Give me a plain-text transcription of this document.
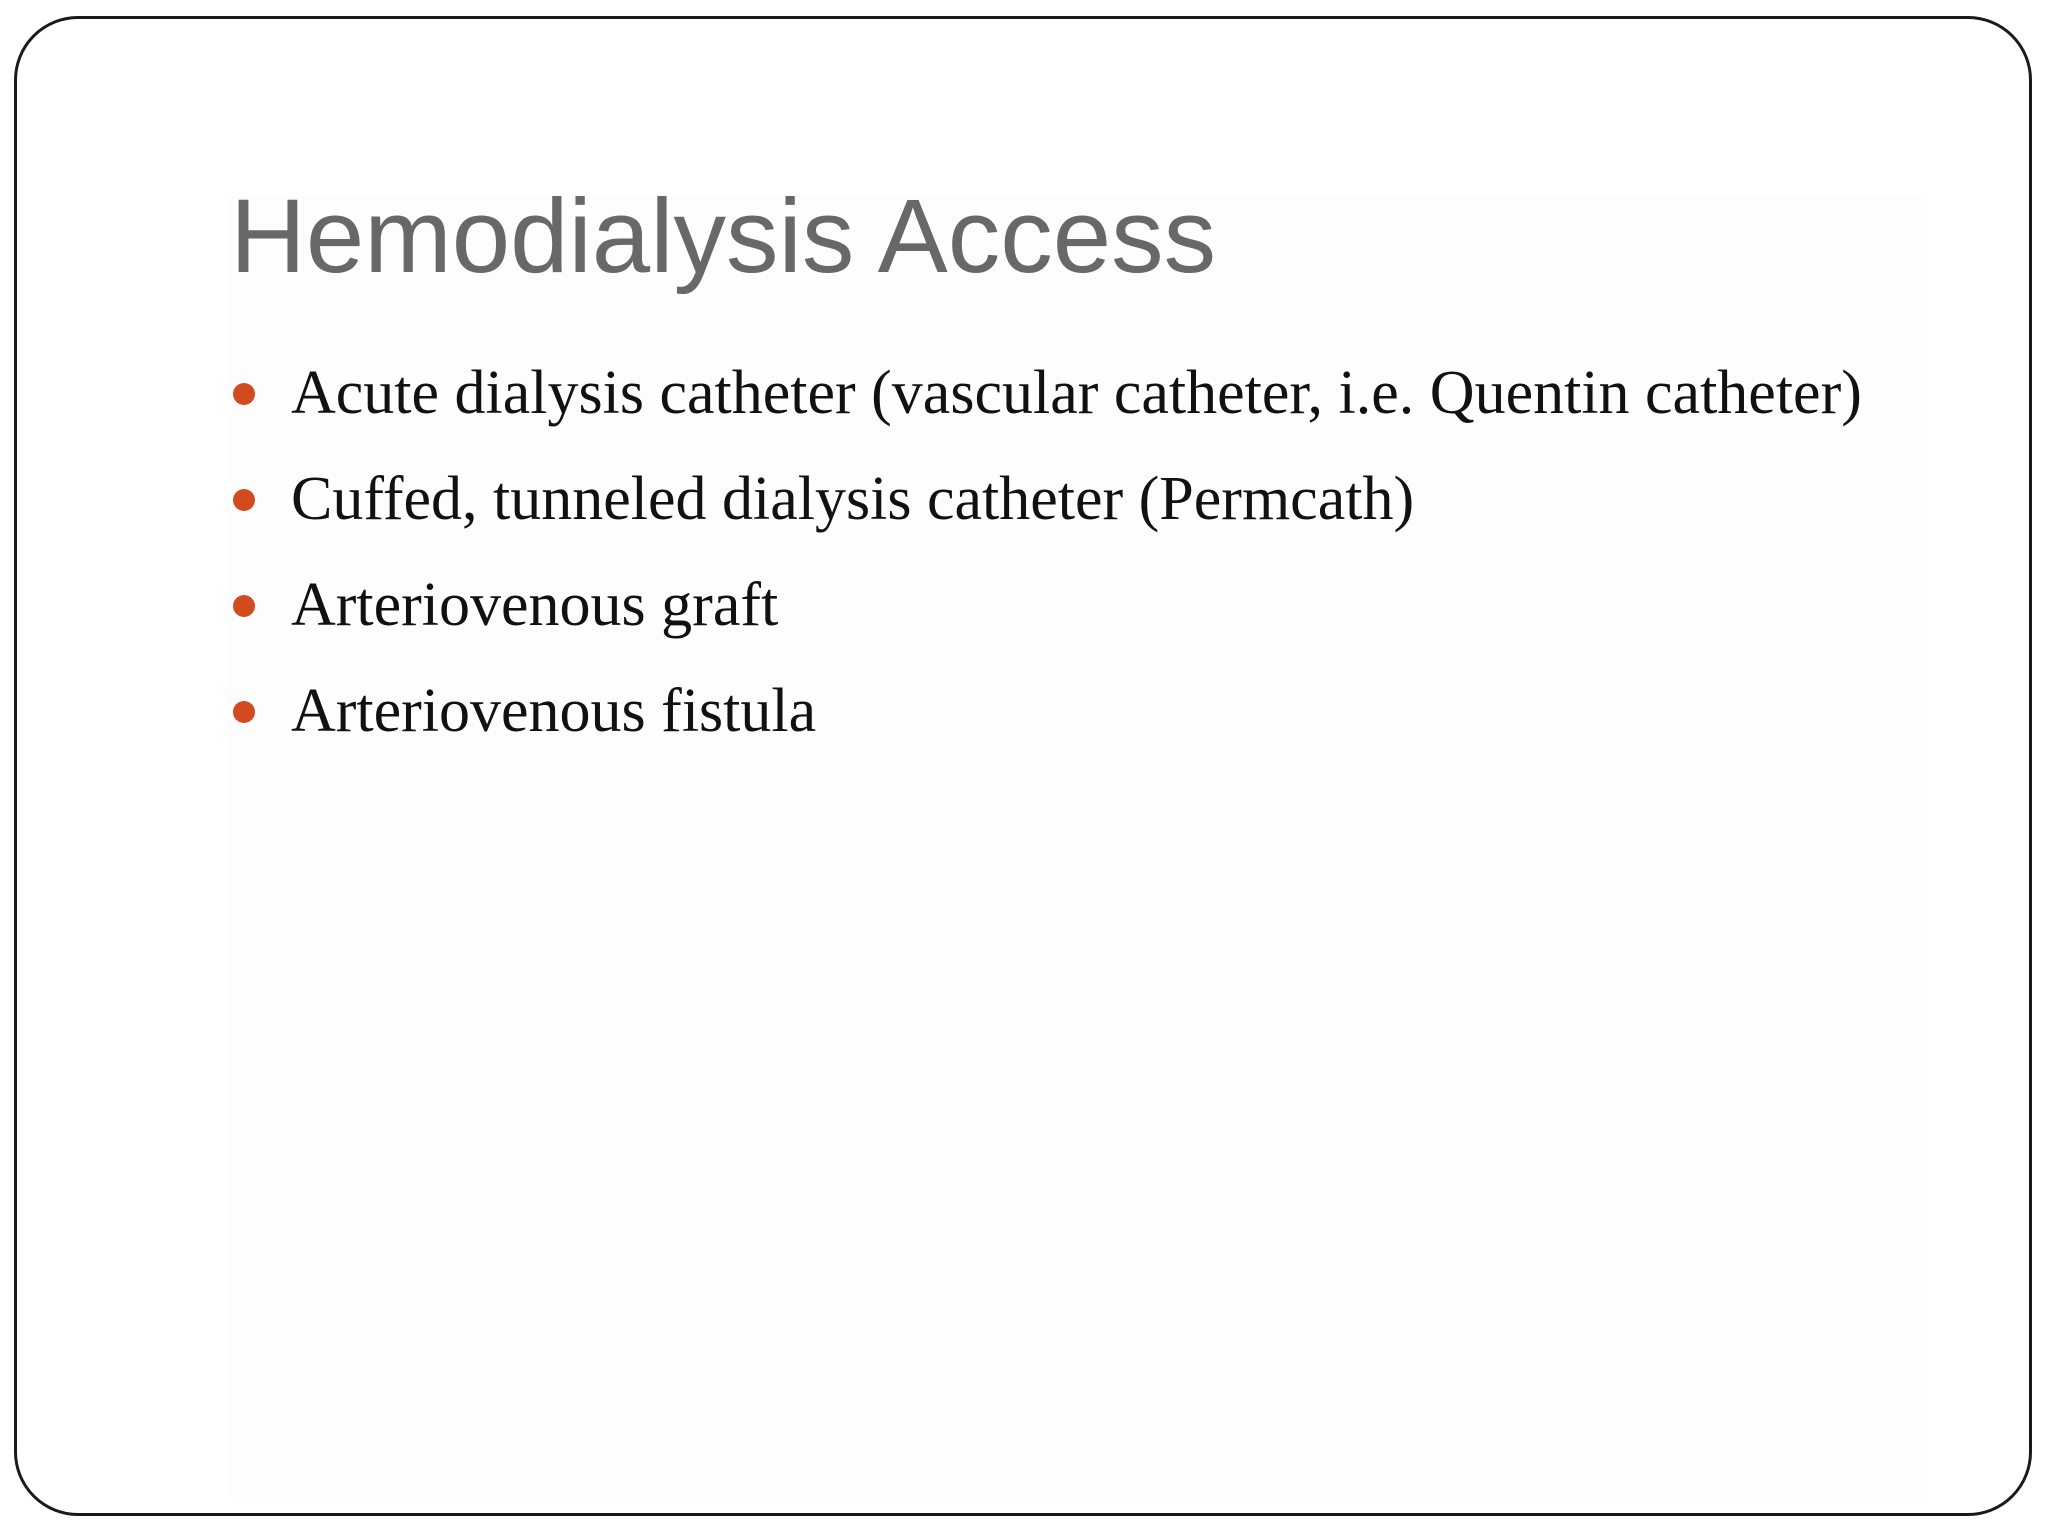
Hemodialysis Access
Acute dialysis catheter (vascular catheter, i.e. Quentin catheter)
Cuffed, tunneled dialysis catheter (Permcath)
Arteriovenous graft
Arteriovenous fistula
